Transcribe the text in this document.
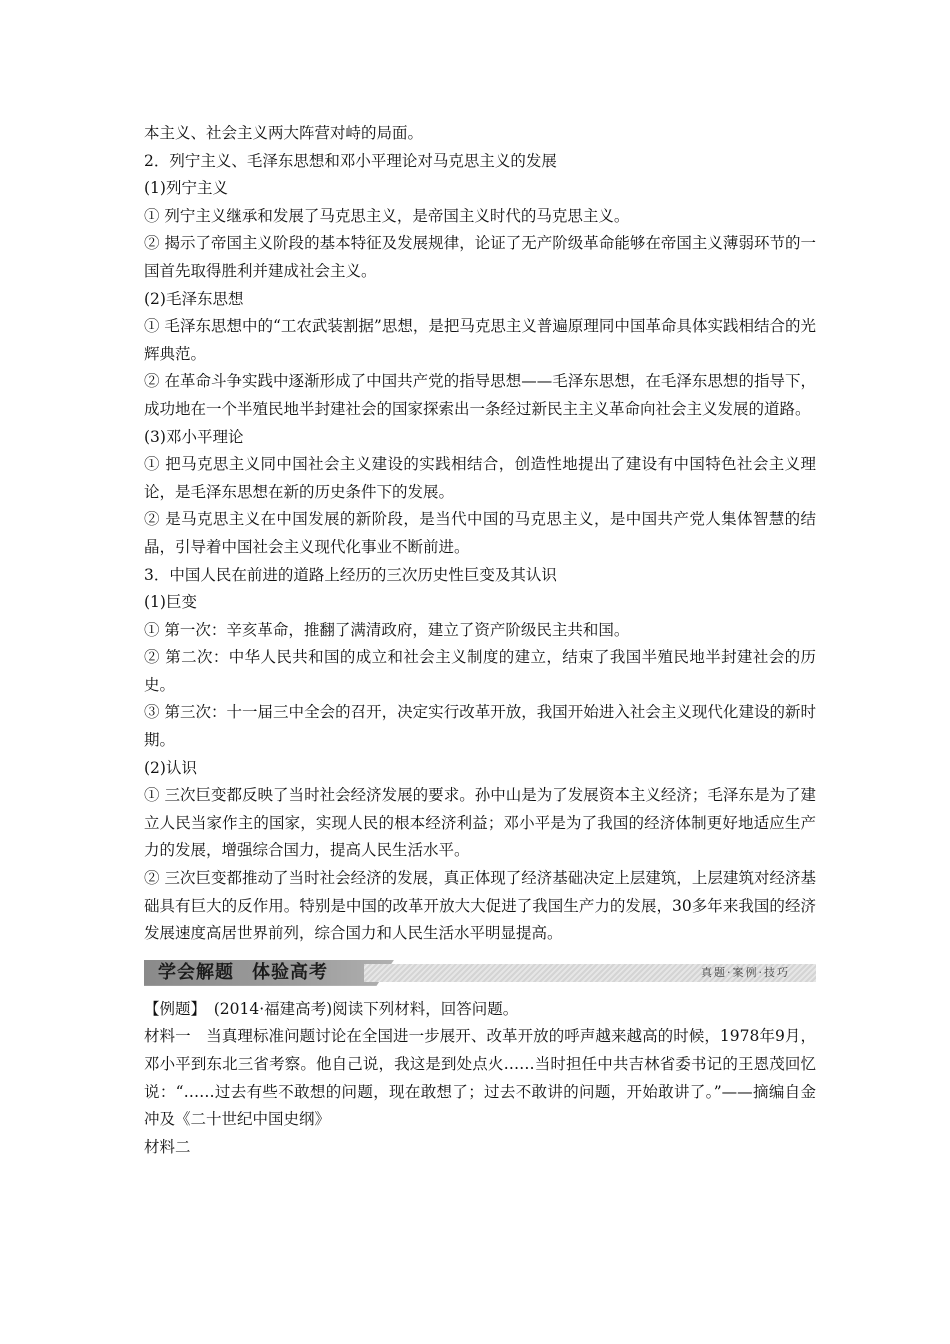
本主义、社会主义两大阵营对峙的局面。

2．列宁主义、毛泽东思想和邓小平理论对马克思主义的发展

(1)列宁主义

① 列宁主义继承和发展了马克思主义，是帝国主义时代的马克思主义。

② 揭示了帝国主义阶段的基本特征及发展规律，论证了无产阶级革命能够在帝国主义薄弱环节的一国首先取得胜利并建成社会主义。

(2)毛泽东思想

① 毛泽东思想中的“工农武装割据”思想，是把马克思主义普遍原理同中国革命具体实践相结合的光辉典范。

② 在革命斗争实践中逐渐形成了中国共产党的指导思想——毛泽东思想，在毛泽东思想的指导下，成功地在一个半殖民地半封建社会的国家探索出一条经过新民主主义革命向社会主义发展的道路。

(3)邓小平理论

① 把马克思主义同中国社会主义建设的实践相结合，创造性地提出了建设有中国特色社会主义理论，是毛泽东思想在新的历史条件下的发展。

② 是马克思主义在中国发展的新阶段，是当代中国的马克思主义，是中国共产党人集体智慧的结晶，引导着中国社会主义现代化事业不断前进。

3．中国人民在前进的道路上经历的三次历史性巨变及其认识

(1)巨变

① 第一次：辛亥革命，推翻了满清政府，建立了资产阶级民主共和国。

② 第二次：中华人民共和国的成立和社会主义制度的建立，结束了我国半殖民地半封建社会的历史。

③ 第三次：十一届三中全会的召开，决定实行改革开放，我国开始进入社会主义现代化建设的新时期。

(2)认识

① 三次巨变都反映了当时社会经济发展的要求。孙中山是为了发展资本主义经济；毛泽东是为了建立人民当家作主的国家，实现人民的根本经济利益；邓小平是为了我国的经济体制更好地适应生产力的发展，增强综合国力，提高人民生活水平。

② 三次巨变都推动了当时社会经济的发展，真正体现了经济基础决定上层建筑，上层建筑对经济基础具有巨大的反作用。特别是中国的改革开放大大促进了我国生产力的发展，30多年来我国的经济发展速度高居世界前列，综合国力和人民生活水平明显提高。

学会解题 体验高考	真题·案例·技巧

【例题】　(2014·福建高考)阅读下列材料，回答问题。

材料一　当真理标准问题讨论在全国进一步展开、改革开放的呼声越来越高的时候，1978年9月，邓小平到东北三省考察。他自己说，我这是到处点火……当时担任中共吉林省委书记的王恩茂回忆说：“……过去有些不敢想的问题，现在敢想了；过去不敢讲的问题，开始敢讲了。”——摘编自金冲及《二十世纪中国史纲》

材料二
